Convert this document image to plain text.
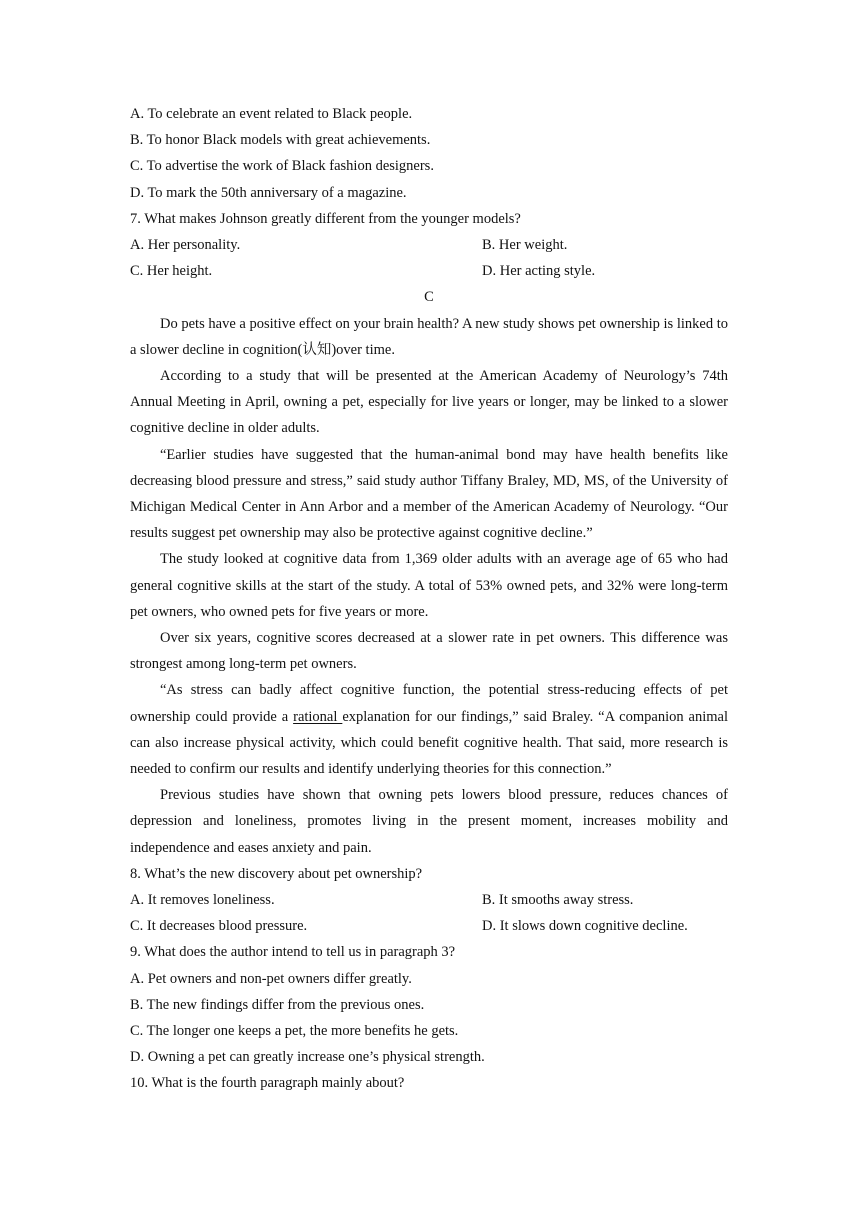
A. To celebrate an event related to Black people.
B. To honor Black models with great achievements.
C. To advertise the work of Black fashion designers.
D. To mark the 50th anniversary of a magazine.
7. What makes Johnson greatly different from the younger models?
A. Her personality.	B. Her weight.
C. Her height.	D. Her acting style.
C

Do pets have a positive effect on your brain health? A new study shows pet ownership is linked to a slower decline in cognition(认知)over time.

According to a study that will be presented at the American Academy of Neurology’s 74th Annual Meeting in April, owning a pet, especially for live years or longer, may be linked to a slower cognitive decline in older adults.

“Earlier studies have suggested that the human-animal bond may have health benefits like decreasing blood pressure and stress,” said study author Tiffany Braley, MD, MS, of the University of Michigan Medical Center in Ann Arbor and a member of the American Academy of Neurology. “Our results suggest pet ownership may also be protective against cognitive decline.”

The study looked at cognitive data from 1,369 older adults with an average age of 65 who had general cognitive skills at the start of the study. A total of 53% owned pets, and 32% were long-term pet owners, who owned pets for five years or more.

Over six years, cognitive scores decreased at a slower rate in pet owners. This difference was strongest among long-term pet owners.

“As stress can badly affect cognitive function, the potential stress-reducing effects of pet ownership could provide a rational explanation for our findings,” said Braley. “A companion animal can also increase physical activity, which could benefit cognitive health. That said, more research is needed to confirm our results and identify underlying theories for this connection.”

Previous studies have shown that owning pets lowers blood pressure, reduces chances of depression and loneliness, promotes living in the present moment, increases mobility and independence and eases anxiety and pain.

8. What’s the new discovery about pet ownership?
A. It removes loneliness.	B. It smooths away stress.
C. It decreases blood pressure.	D. It slows down cognitive decline.
9. What does the author intend to tell us in paragraph 3?
A. Pet owners and non-pet owners differ greatly.
B. The new findings differ from the previous ones.
C. The longer one keeps a pet, the more benefits he gets.
D. Owning a pet can greatly increase one’s physical strength.
10. What is the fourth paragraph mainly about?
